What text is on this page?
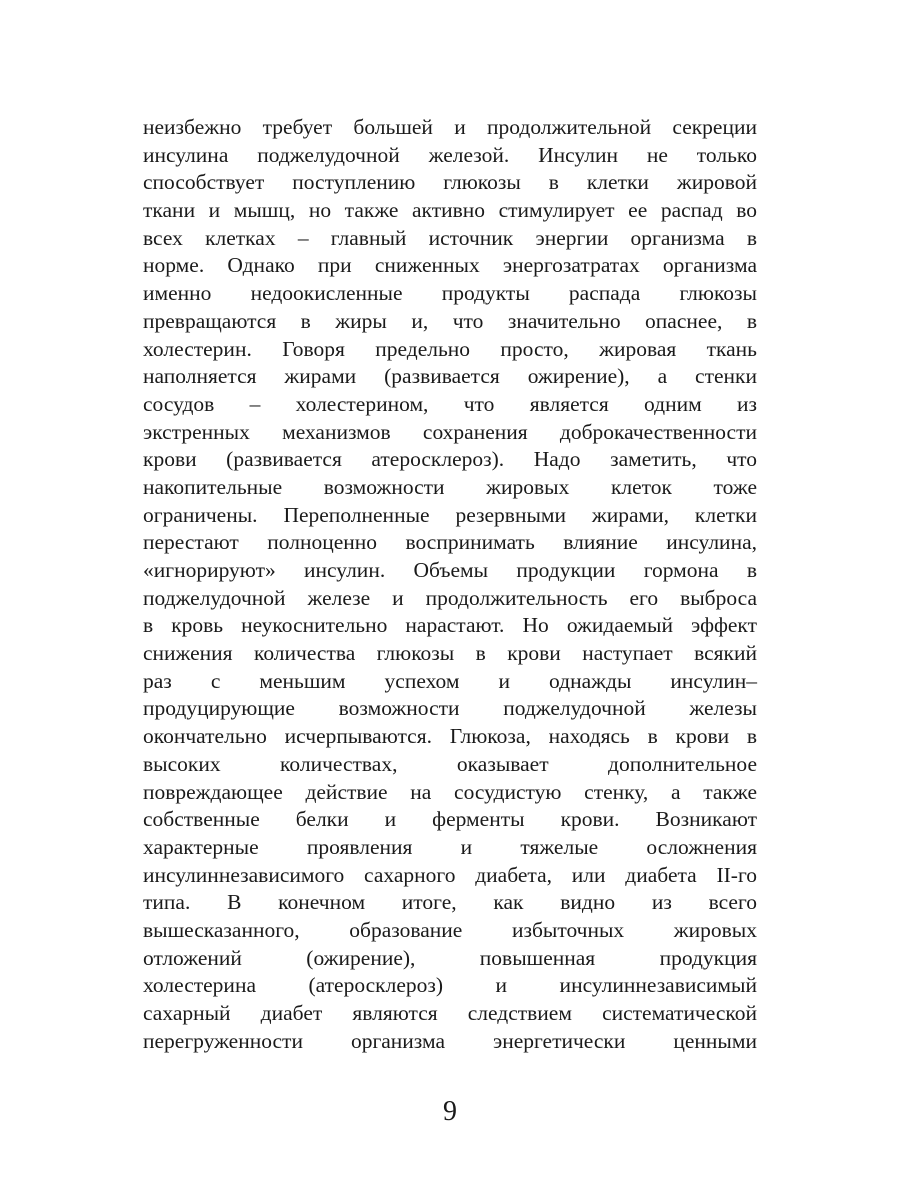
неизбежно требует большей и продолжительной секреции
инсулина поджелудочной железой. Инсулин не только
способствует поступлению глюкозы в клетки жировой
ткани и мышц, но также активно стимулирует ее распад во
всех клетках – главный источник энергии организма в
норме. Однако при сниженных энергозатратах организма
именно недоокисленные продукты распада глюкозы
превращаются в жиры и, что значительно опаснее, в
холестерин. Говоря предельно просто, жировая ткань
наполняется жирами (развивается ожирение), а стенки
сосудов – холестерином, что является одним из
экстренных механизмов сохранения доброкачественности
крови (развивается атеросклероз). Надо заметить, что
накопительные возможности жировых клеток тоже
ограничены. Переполненные резервными жирами, клетки
перестают полноценно воспринимать влияние инсулина,
«игнорируют» инсулин. Объемы продукции гормона в
поджелудочной железе и продолжительность его выброса
в кровь неукоснительно нарастают. Но ожидаемый эффект
снижения количества глюкозы в крови наступает всякий
раз с меньшим успехом и однажды инсулин–
продуцирующие возможности поджелудочной железы
окончательно исчерпываются. Глюкоза, находясь в крови в
высоких количествах, оказывает дополнительное
повреждающее действие на сосудистую стенку, а также
собственные белки и ферменты крови. Возникают
характерные проявления и тяжелые осложнения
инсулиннезависимого сахарного диабета, или диабета II-го
типа. В конечном итоге, как видно из всего
вышесказанного, образование избыточных жировых
отложений (ожирение), повышенная продукция
холестерина (атеросклероз) и инсулиннезависимый
сахарный диабет являются следствием систематической
перегруженности организма энергетически ценными
9
